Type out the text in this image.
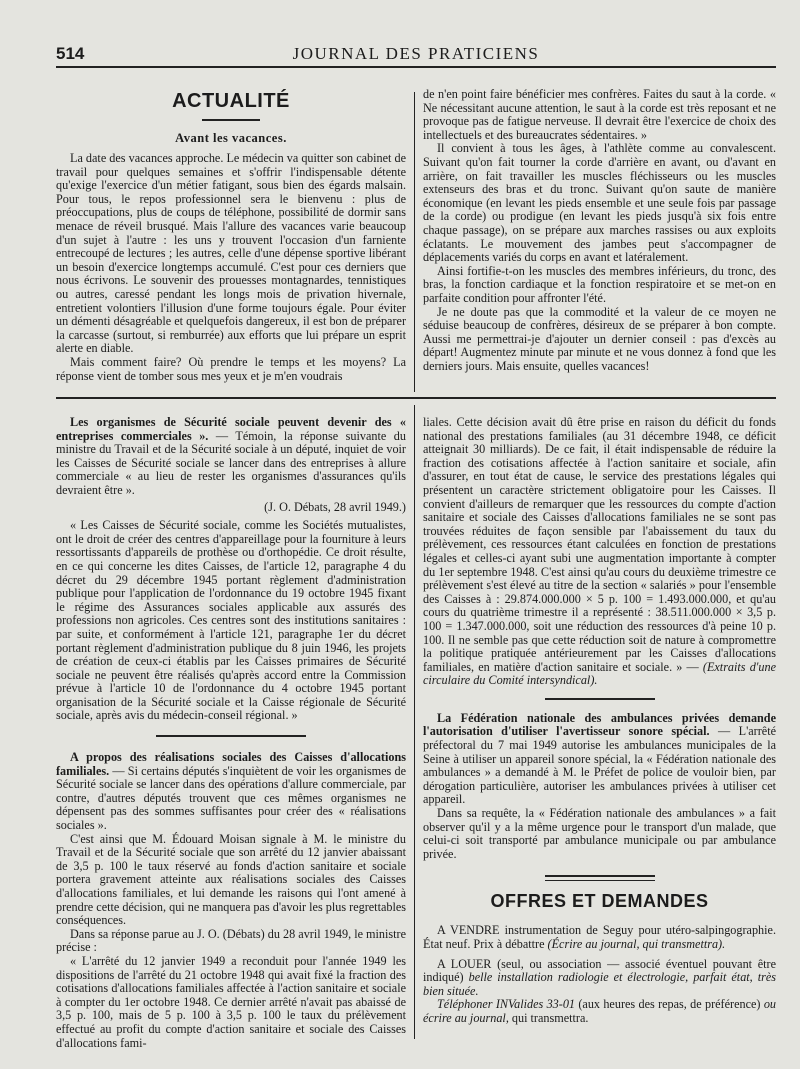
514	JOURNAL DES PRATICIENS
ACTUALITÉ
Avant les vacances.

La date des vacances approche. Le médecin va quitter son cabinet de travail pour quelques semaines et s'offrir l'indispensable détente qu'exige l'exercice d'un métier fatigant, sous bien des égards malsain. Pour tous, le repos professionnel sera le bienvenu : plus de préoccupations, plus de coups de téléphone, possibilité de dormir sans menace de réveil brusqué. Mais l'allure des vacances varie beaucoup d'un sujet à l'autre : les uns y trouvent l'occasion d'un farniente entrecoupé de lectures ; les autres, celle d'une dépense sportive libérant un besoin d'exercice longtemps accumulé. C'est pour ces derniers que nous écrivons. Le souvenir des prouesses montagnardes, tennistiques ou autres, caressé pendant les longs mois de privation hivernale, entretient volontiers l'illusion d'une forme toujours égale. Pour éviter un démenti désagréable et quelquefois dangereux, il est bon de préparer la carcasse (surtout, si remburrée) aux efforts que lui prépare un esprit alerte en diable.

Mais comment faire? Où prendre le temps et les moyens? La réponse vient de tomber sous mes yeux et je m'en voudrais

de n'en point faire bénéficier mes confrères. Faites du saut à la corde. « Ne nécessitant aucune attention, le saut à la corde est très reposant et ne provoque pas de fatigue nerveuse. Il devrait être l'exercice de choix des intellectuels et des bureaucrates sédentaires. »

Il convient à tous les âges, à l'athlète comme au convalescent. Suivant qu'on fait tourner la corde d'arrière en avant, ou d'avant en arrière, on fait travailler les muscles fléchisseurs ou les muscles extenseurs des bras et du tronc. Suivant qu'on saute de manière économique (en levant les pieds ensemble et une seule fois par passage de la corde) ou prodigue (en levant les pieds jusqu'à six fois entre chaque passage), on se prépare aux marches rassises ou aux exploits éclatants. Le mouvement des jambes peut s'accompagner de déplacements variés du corps en avant et latéralement.

Ainsi fortifie-t-on les muscles des membres inférieurs, du tronc, des bras, la fonction cardiaque et la fonction respiratoire et se met-on en parfaite condition pour affronter l'été.

Je ne doute pas que la commodité et la valeur de ce moyen ne séduise beaucoup de confrères, désireux de se préparer à bon compte. Aussi me permettrai-je d'ajouter un dernier conseil : pas d'excès au départ! Augmentez minute par minute et ne vous donnez à fond que les derniers jours. Mais ensuite, quelles vacances!

Les organismes de Sécurité sociale peuvent devenir des « entreprises commerciales ». — Témoin, la réponse suivante du ministre du Travail et de la Sécurité sociale à un député, inquiet de voir les Caisses de Sécurité sociale se lancer dans des entreprises à allure commerciale « au lieu de rester les organismes d'assurances qu'ils devraient être ».

(J. O. Débats, 28 avril 1949.)

« Les Caisses de Sécurité sociale, comme les Sociétés mutualistes, ont le droit de créer des centres d'appareillage pour la fourniture à leurs ressortissants d'appareils de prothèse ou d'orthopédie. Ce droit résulte, en ce qui concerne les dites Caisses, de l'article 12, paragraphe 4 du décret du 29 décembre 1945 portant règlement d'administration publique pour l'application de l'ordonnance du 19 octobre 1945 fixant le régime des Assurances sociales applicable aux assurés des professions non agricoles. Ces centres sont des institutions sanitaires : par suite, et conformément à l'article 121, paragraphe 1er du décret portant règlement d'administration publique du 8 juin 1946, les projets de création de ceux-ci établis par les Caisses primaires de Sécurité sociale ne peuvent être réalisés qu'après accord entre la Commission prévue à l'article 10 de l'ordonnance du 4 octobre 1945 portant organisation de la Sécurité sociale et la Caisse régionale de Sécurité sociale, après avis du médecin-conseil régional. »

A propos des réalisations sociales des Caisses d'allocations familiales. — Si certains députés s'inquiètent de voir les organismes de Sécurité sociale se lancer dans des opérations d'allure commerciale, par contre, d'autres députés trouvent que ces mêmes organismes ne dépensent pas des sommes suffisantes pour créer des « réalisations sociales ».

C'est ainsi que M. Édouard Moisan signale à M. le ministre du Travail et de la Sécurité sociale que son arrêté du 12 janvier abaissant de 3,5 p. 100 le taux réservé au fonds d'action sanitaire et sociale portera gravement atteinte aux réalisations sociales des Caisses d'allocations familiales, et lui demande les raisons qui l'ont amené à prendre cette décision, qui ne manquera pas d'avoir les plus regrettables conséquences.

Dans sa réponse parue au J. O. (Débats) du 28 avril 1949, le ministre précise :

« L'arrêté du 12 janvier 1949 a reconduit pour l'année 1949 les dispositions de l'arrêté du 21 octobre 1948 qui avait fixé la fraction des cotisations d'allocations familiales affectée à l'action sanitaire et sociale à compter du 1er octobre 1948. Ce dernier arrêté n'avait pas abaissé de 3,5 p. 100, mais de 5 p. 100 à 3,5 p. 100 le taux du prélèvement effectué au profit du compte d'action sanitaire et sociale des Caisses d'allocations fami-

liales. Cette décision avait dû être prise en raison du déficit du fonds national des prestations familiales (au 31 décembre 1948, ce déficit atteignait 30 milliards). De ce fait, il était indispensable de réduire la fraction des cotisations affectée à l'action sanitaire et sociale, afin d'assurer, en tout état de cause, le service des prestations légales qui présentent un caractère strictement obligatoire pour les Caisses. Il convient d'ailleurs de remarquer que les ressources du compte d'action sanitaire et sociale des Caisses d'allocations familiales ne se sont pas trouvées réduites de façon sensible par l'abaissement du taux du prélèvement, ces ressources étant calculées en fonction de prestations légales et celles-ci ayant subi une augmentation importante à compter du 1er septembre 1948. C'est ainsi qu'au cours du deuxième trimestre ce prélèvement s'est élevé au titre de la section « salariés » pour l'ensemble des Caisses à : 29.874.000.000 × 5 p. 100 = 1.493.000.000, et qu'au cours du quatrième trimestre il a représenté : 38.511.000.000 × 3,5 p. 100 = 1.347.000.000, soit une réduction des ressources d'à peine 10 p. 100. Il ne semble pas que cette réduction soit de nature à compromettre la politique pratiquée antérieurement par les Caisses d'allocations familiales, en matière d'action sanitaire et sociale. » — (Extraits d'une circulaire du Comité intersyndical).

La Fédération nationale des ambulances privées demande l'autorisation d'utiliser l'avertisseur sonore spécial. — L'arrêté préfectoral du 7 mai 1949 autorise les ambulances municipales de la Seine à utiliser un appareil sonore spécial, la « Fédération nationale des ambulances » a demandé à M. le Préfet de police de vouloir bien, par dérogation particulière, autoriser les ambulances privées à utiliser cet appareil.

Dans sa requête, la « Fédération nationale des ambulances » a fait observer qu'il y a la même urgence pour le transport d'un malade, que celui-ci soit transporté par ambulance municipale ou par ambulance privée.

OFFRES ET DEMANDES

A VENDRE instrumentation de Seguy pour utéro-salpingographie. État neuf. Prix à débattre (Écrire au journal, qui transmettra).

A LOUER (seul, ou association — associé éventuel pouvant être indiqué) belle installation radiologie et électrologie, parfait état, très bien située.

Téléphoner INValides 33-01 (aux heures des repas, de préférence) ou écrire au journal, qui transmettra.
